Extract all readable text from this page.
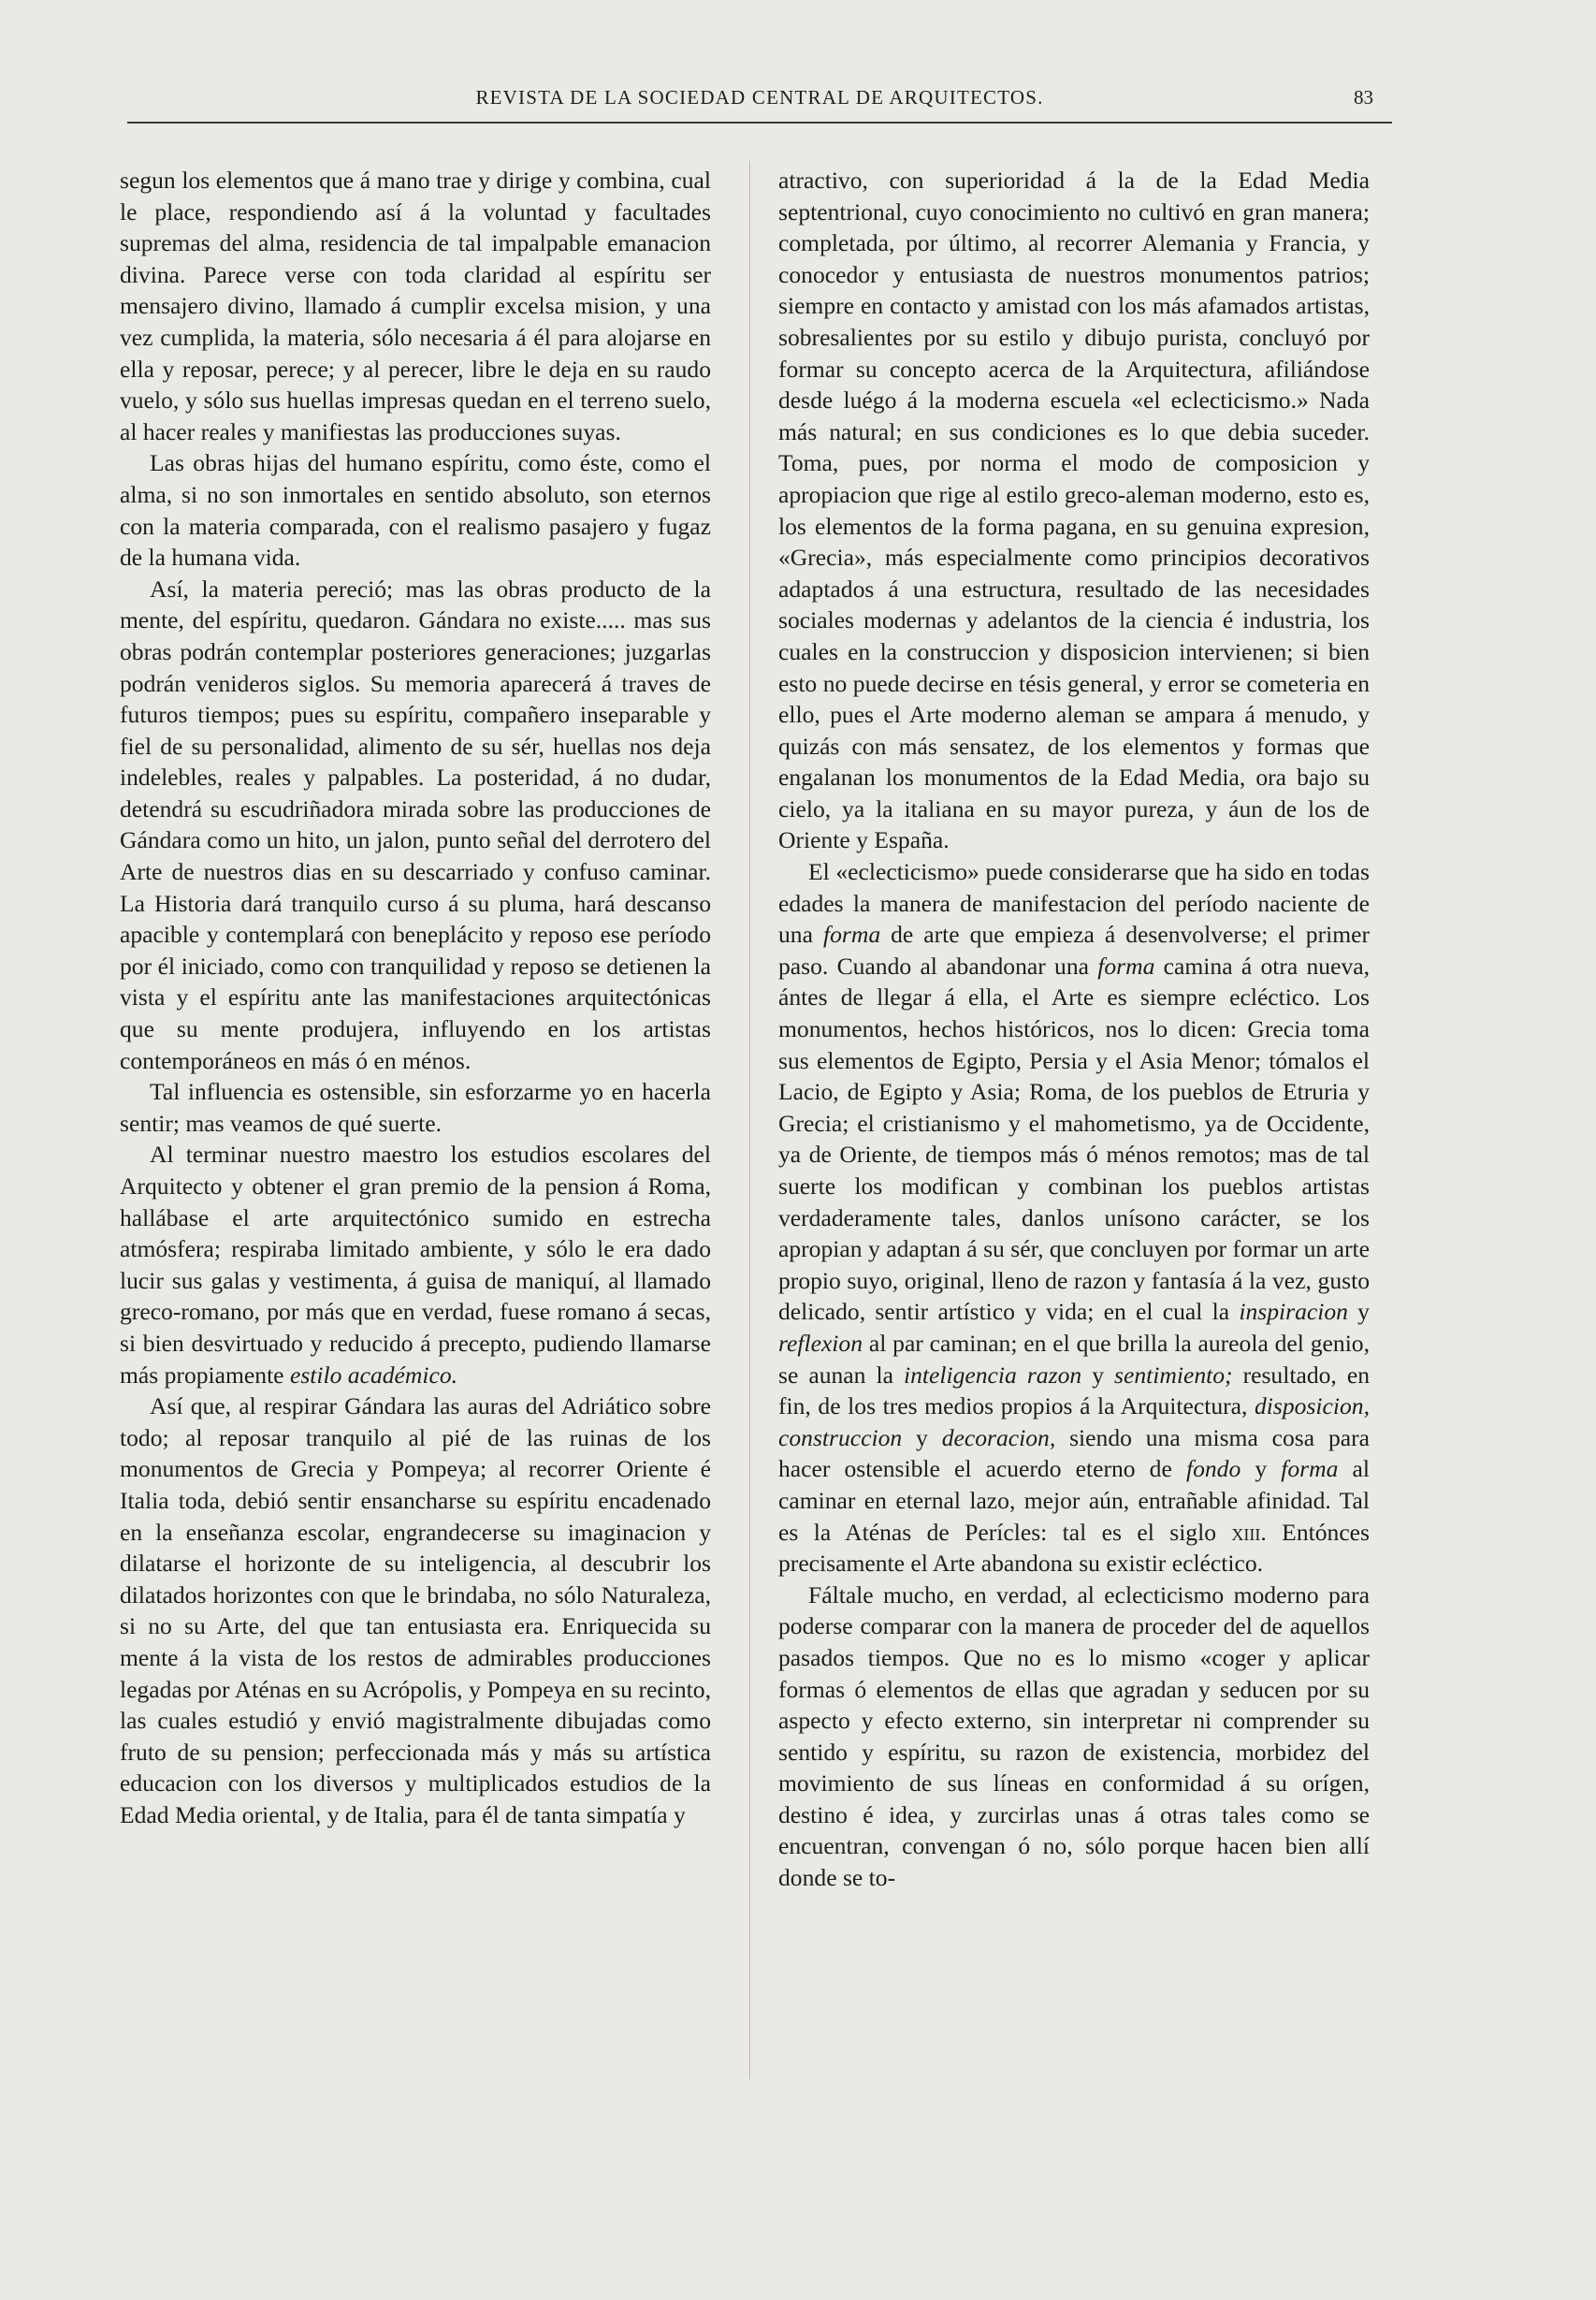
REVISTA DE LA SOCIEDAD CENTRAL DE ARQUITECTOS.	83

segun los elementos que á mano trae y dirige y combina, cual le place, respondiendo así á la voluntad y facultades supremas del alma, residencia de tal impalpable emanacion divina. Parece verse con toda claridad al espíritu ser mensajero divino, llamado á cumplir excelsa mision, y una vez cumplida, la materia, sólo necesaria á él para alojarse en ella y reposar, perece; y al perecer, libre le deja en su raudo vuelo, y sólo sus huellas impresas quedan en el terreno suelo, al hacer reales y manifiestas las producciones suyas.

Las obras hijas del humano espíritu, como éste, como el alma, si no son inmortales en sentido absoluto, son eternos con la materia comparada, con el realismo pasajero y fugaz de la humana vida.

Así, la materia pereció; mas las obras producto de la mente, del espíritu, quedaron. Gándara no existe..... mas sus obras podrán contemplar posteriores generaciones; juzgarlas podrán venideros siglos. Su memoria aparecerá á traves de futuros tiempos; pues su espíritu, compañero inseparable y fiel de su personalidad, alimento de su sér, huellas nos deja indelebles, reales y palpables. La posteridad, á no dudar, detendrá su escudriñadora mirada sobre las producciones de Gándara como un hito, un jalon, punto señal del derrotero del Arte de nuestros dias en su descarriado y confuso caminar. La Historia dará tranquilo curso á su pluma, hará descanso apacible y contemplará con beneplácito y reposo ese período por él iniciado, como con tranquilidad y reposo se detienen la vista y el espíritu ante las manifestaciones arquitectónicas que su mente produjera, influyendo en los artistas contemporáneos en más ó en ménos.

Tal influencia es ostensible, sin esforzarme yo en hacerla sentir; mas veamos de qué suerte.

Al terminar nuestro maestro los estudios escolares del Arquitecto y obtener el gran premio de la pension á Roma, hallábase el arte arquitectónico sumido en estrecha atmósfera; respiraba limitado ambiente, y sólo le era dado lucir sus galas y vestimenta, á guisa de maniquí, al llamado greco-romano, por más que en verdad, fuese romano á secas, si bien desvirtuado y reducido á precepto, pudiendo llamarse más propiamente estilo académico.

Así que, al respirar Gándara las auras del Adriático sobre todo; al reposar tranquilo al pié de las ruinas de los monumentos de Grecia y Pompeya; al recorrer Oriente é Italia toda, debió sentir ensancharse su espíritu encadenado en la enseñanza escolar, engrandecerse su imaginacion y dilatarse el horizonte de su inteligencia, al descubrir los dilatados horizontes con que le brindaba, no sólo Naturaleza, si no su Arte, del que tan entusiasta era. Enriquecida su mente á la vista de los restos de admirables producciones legadas por Aténas en su Acrópolis, y Pompeya en su recinto, las cuales estudió y envió magistralmente dibujadas como fruto de su pension; perfeccionada más y más su artística educacion con los diversos y multiplicados estudios de la Edad Media oriental, y de Italia, para él de tanta simpatía y

atractivo, con superioridad á la de la Edad Media septentrional, cuyo conocimiento no cultivó en gran manera; completada, por último, al recorrer Alemania y Francia, y conocedor y entusiasta de nuestros monumentos patrios; siempre en contacto y amistad con los más afamados artistas, sobresalientes por su estilo y dibujo purista, concluyó por formar su concepto acerca de la Arquitectura, afiliándose desde luégo á la moderna escuela «el eclecticismo.» Nada más natural; en sus condiciones es lo que debia suceder. Toma, pues, por norma el modo de composicion y apropiacion que rige al estilo greco-aleman moderno, esto es, los elementos de la forma pagana, en su genuina expresion, «Grecia», más especialmente como principios decorativos adaptados á una estructura, resultado de las necesidades sociales modernas y adelantos de la ciencia é industria, los cuales en la construccion y disposicion intervienen; si bien esto no puede decirse en tésis general, y error se cometeria en ello, pues el Arte moderno aleman se ampara á menudo, y quizás con más sensatez, de los elementos y formas que engalanan los monumentos de la Edad Media, ora bajo su cielo, ya la italiana en su mayor pureza, y áun de los de Oriente y España.

El «eclecticismo» puede considerarse que ha sido en todas edades la manera de manifestacion del período naciente de una forma de arte que empieza á desenvolverse; el primer paso. Cuando al abandonar una forma camina á otra nueva, ántes de llegar á ella, el Arte es siempre ecléctico. Los monumentos, hechos históricos, nos lo dicen: Grecia toma sus elementos de Egipto, Persia y el Asia Menor; tómalos el Lacio, de Egipto y Asia; Roma, de los pueblos de Etruria y Grecia; el cristianismo y el mahometismo, ya de Occidente, ya de Oriente, de tiempos más ó ménos remotos; mas de tal suerte los modifican y combinan los pueblos artistas verdaderamente tales, danlos unísono carácter, se los apropian y adaptan á su sér, que concluyen por formar un arte propio suyo, original, lleno de razon y fantasía á la vez, gusto delicado, sentir artístico y vida; en el cual la inspiracion y reflexion al par caminan; en el que brilla la aureola del genio, se aunan la inteligencia razon y sentimiento; resultado, en fin, de los tres medios propios á la Arquitectura, disposicion, construccion y decoracion, siendo una misma cosa para hacer ostensible el acuerdo eterno de fondo y forma al caminar en eternal lazo, mejor aún, entrañable afinidad. Tal es la Aténas de Perícles: tal es el siglo xiii. Entónces precisamente el Arte abandona su existir ecléctico.

Fáltale mucho, en verdad, al eclecticismo moderno para poderse comparar con la manera de proceder del de aquellos pasados tiempos. Que no es lo mismo «coger y aplicar formas ó elementos de ellas que agradan y seducen por su aspecto y efecto externo, sin interpretar ni comprender su sentido y espíritu, su razon de existencia, morbidez del movimiento de sus líneas en conformidad á su orígen, destino é idea, y zurcirlas unas á otras tales como se encuentran, convengan ó no, sólo porque hacen bien allí donde se to-
